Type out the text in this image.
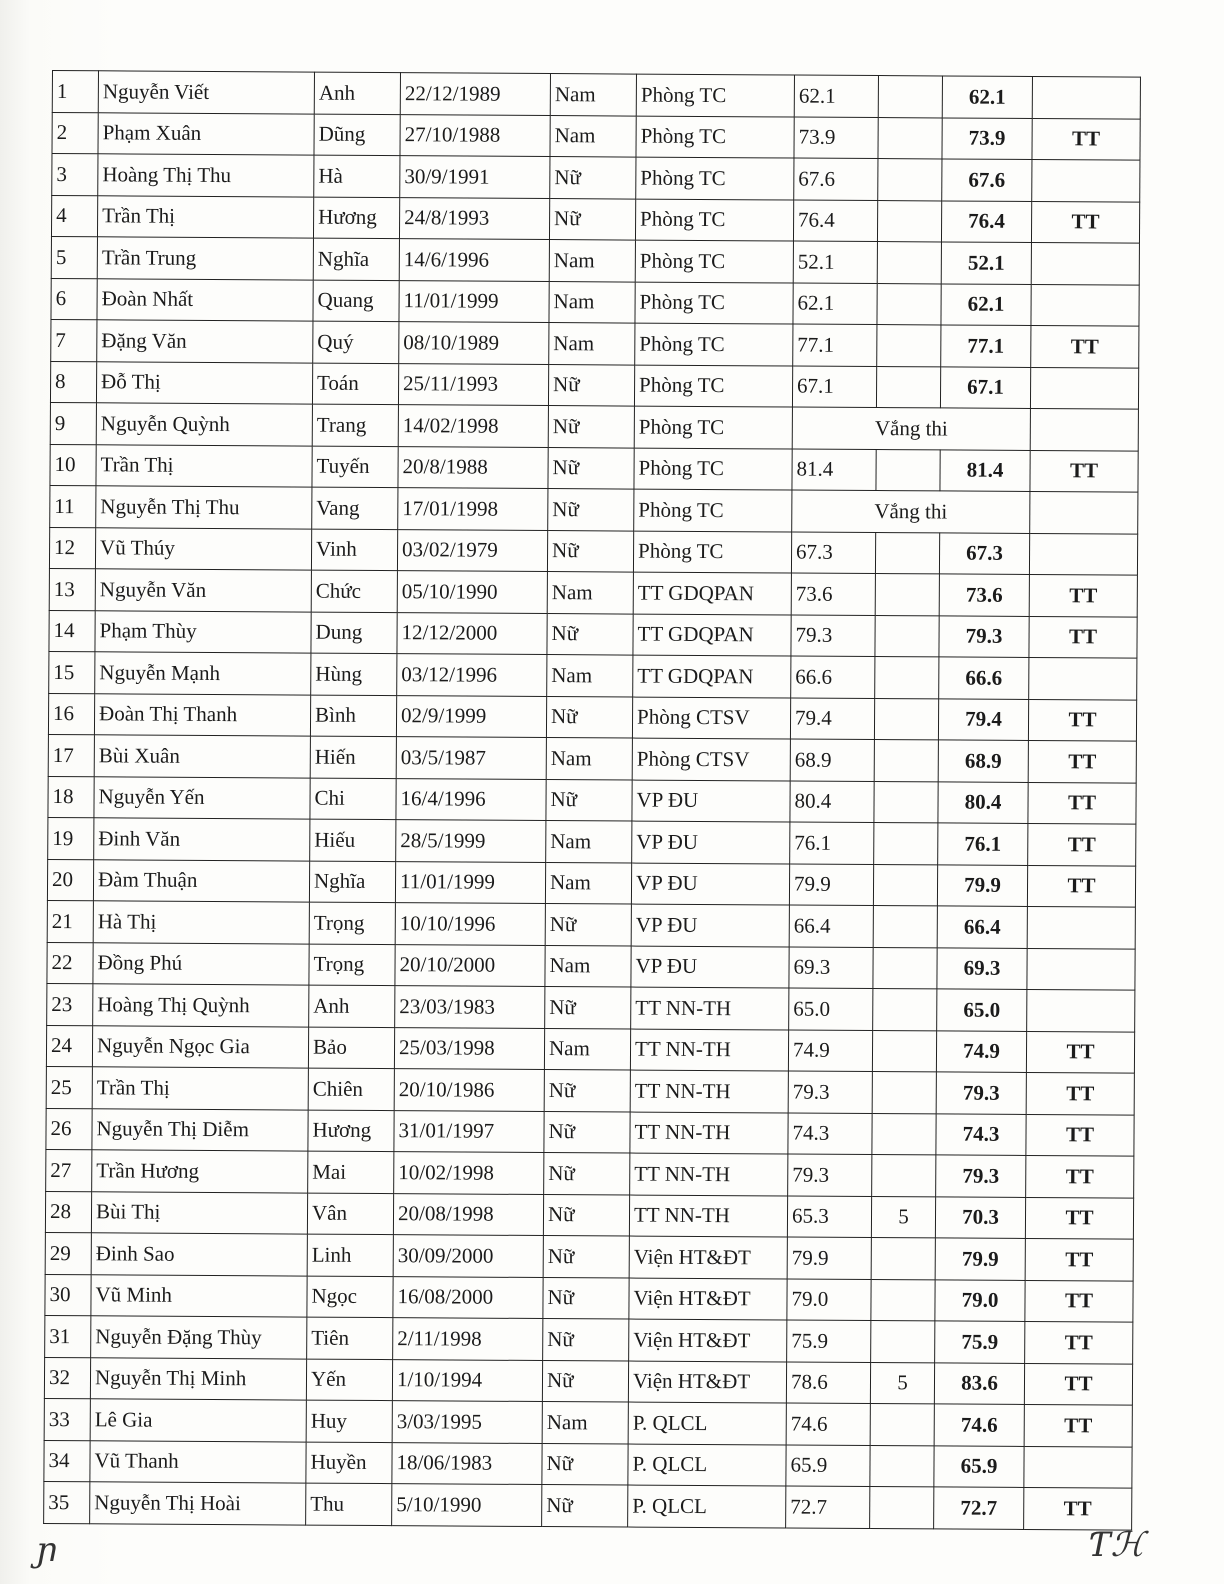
1	Nguyễn Viết	Anh	22/12/1989	Nam	Phòng TC	62.1		62.1	
2	Phạm Xuân	Dũng	27/10/1988	Nam	Phòng TC	73.9		73.9	TT
3	Hoàng Thị Thu	Hà	30/9/1991	Nữ	Phòng TC	67.6		67.6	
4	Trần Thị	Hương	24/8/1993	Nữ	Phòng TC	76.4		76.4	TT
5	Trần Trung	Nghĩa	14/6/1996	Nam	Phòng TC	52.1		52.1	
6	Đoàn Nhất	Quang	11/01/1999	Nam	Phòng TC	62.1		62.1	
7	Đặng Văn	Quý	08/10/1989	Nam	Phòng TC	77.1		77.1	TT
8	Đỗ Thị	Toán	25/11/1993	Nữ	Phòng TC	67.1		67.1	
9	Nguyễn Quỳnh	Trang	14/02/1998	Nữ	Phòng TC	Vắng thi			
10	Trần Thị	Tuyến	20/8/1988	Nữ	Phòng TC	81.4		81.4	TT
11	Nguyễn Thị Thu	Vang	17/01/1998	Nữ	Phòng TC	Vắng thi			
12	Vũ Thúy	Vinh	03/02/1979	Nữ	Phòng TC	67.3		67.3	
13	Nguyễn Văn	Chức	05/10/1990	Nam	TT GDQPAN	73.6		73.6	TT
14	Phạm Thùy	Dung	12/12/2000	Nữ	TT GDQPAN	79.3		79.3	TT
15	Nguyễn Mạnh	Hùng	03/12/1996	Nam	TT GDQPAN	66.6		66.6	
16	Đoàn Thị Thanh	Bình	02/9/1999	Nữ	Phòng CTSV	79.4		79.4	TT
17	Bùi Xuân	Hiến	03/5/1987	Nam	Phòng CTSV	68.9		68.9	TT
18	Nguyễn Yến	Chi	16/4/1996	Nữ	VP ĐU	80.4		80.4	TT
19	Đinh Văn	Hiếu	28/5/1999	Nam	VP ĐU	76.1		76.1	TT
20	Đàm Thuận	Nghĩa	11/01/1999	Nam	VP ĐU	79.9		79.9	TT
21	Hà Thị	Trọng	10/10/1996	Nữ	VP ĐU	66.4		66.4	
22	Đồng Phú	Trọng	20/10/2000	Nam	VP ĐU	69.3		69.3	
23	Hoàng Thị Quỳnh	Anh	23/03/1983	Nữ	TT NN-TH	65.0		65.0	
24	Nguyễn Ngọc Gia	Bảo	25/03/1998	Nam	TT NN-TH	74.9		74.9	TT
25	Trần Thị	Chiên	20/10/1986	Nữ	TT NN-TH	79.3		79.3	TT
26	Nguyễn Thị Diễm	Hương	31/01/1997	Nữ	TT NN-TH	74.3		74.3	TT
27	Trần Hương	Mai	10/02/1998	Nữ	TT NN-TH	79.3		79.3	TT
28	Bùi Thị	Vân	20/08/1998	Nữ	TT NN-TH	65.3	5	70.3	TT
29	Đinh Sao	Linh	30/09/2000	Nữ	Viện HT&ĐT	79.9		79.9	TT
30	Vũ Minh	Ngọc	16/08/2000	Nữ	Viện HT&ĐT	79.0		79.0	TT
31	Nguyễn Đặng Thùy	Tiên	2/11/1998	Nữ	Viện HT&ĐT	75.9		75.9	TT
32	Nguyễn Thị Minh	Yến	1/10/1994	Nữ	Viện HT&ĐT	78.6	5	83.6	TT
33	Lê Gia	Huy	3/03/1995	Nam	P. QLCL	74.6		74.6	TT
34	Vũ Thanh	Huyền	18/06/1983	Nữ	P. QLCL	65.9		65.9	
35	Nguyễn Thị Hoài	Thu	5/10/1990	Nữ	P. QLCL	72.7		72.7	TT
ɲ	Ƭℋ
